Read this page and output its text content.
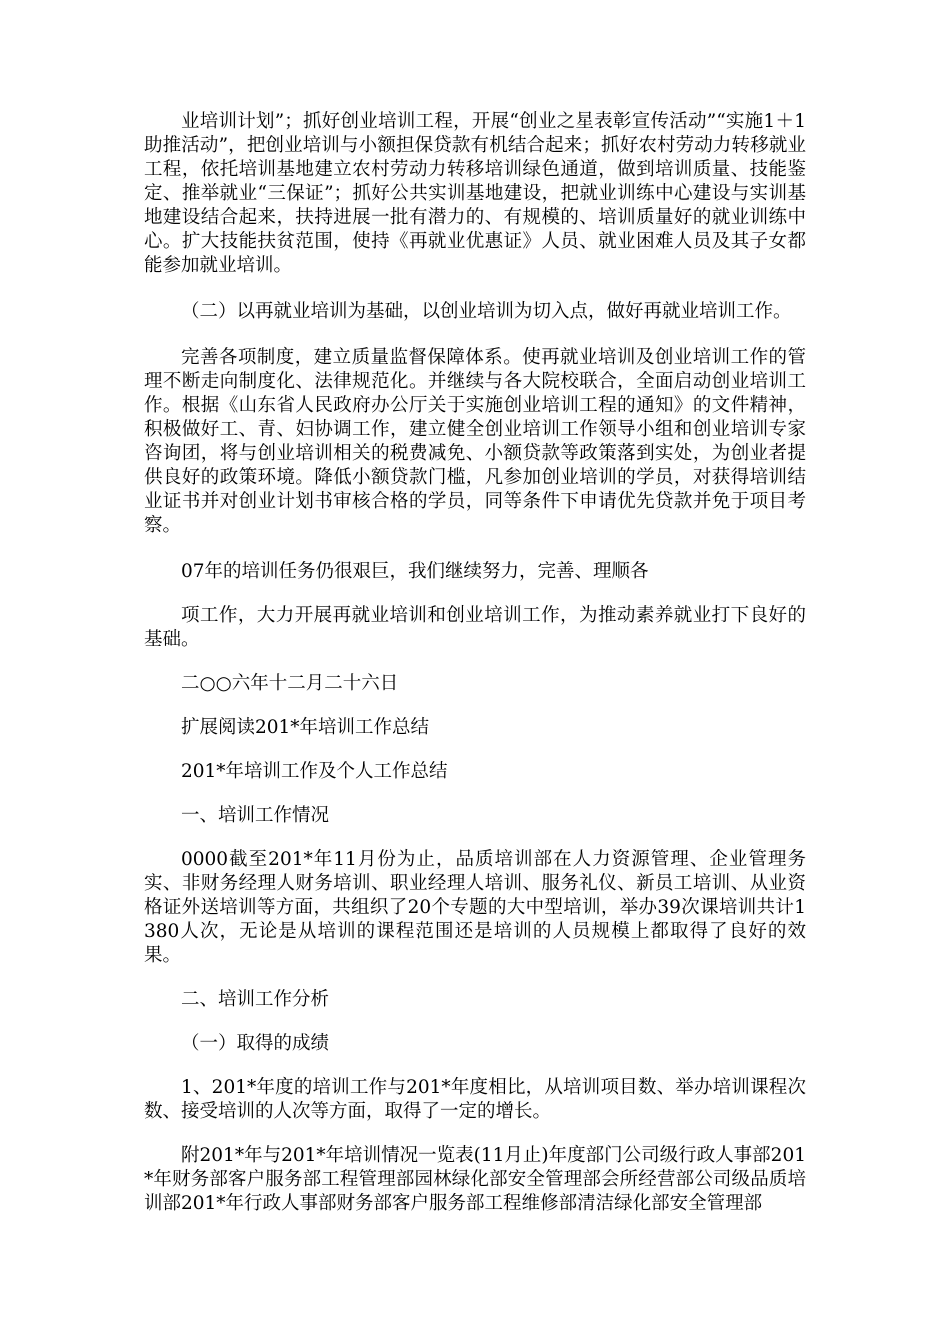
业培训计划”；抓好创业培训工程，开展“创业之星表彰宣传活动”“实施1＋1助推活动”，把创业培训与小额担保贷款有机结合起来；抓好农村劳动力转移就业工程，依托培训基地建立农村劳动力转移培训绿色通道，做到培训质量、技能鉴定、推举就业“三保证”；抓好公共实训基地建设，把就业训练中心建设与实训基地建设结合起来，扶持进展一批有潜力的、有规模的、培训质量好的就业训练中心。扩大技能扶贫范围，使持《再就业优惠证》人员、就业困难人员及其子女都能参加就业培训。

（二）以再就业培训为基础，以创业培训为切入点，做好再就业培训工作。

完善各项制度，建立质量监督保障体系。使再就业培训及创业培训工作的管理不断走向制度化、法律规范化。并继续与各大院校联合，全面启动创业培训工作。根据《山东省人民政府办公厅关于实施创业培训工程的通知》的文件精神，积极做好工、青、妇协调工作，建立健全创业培训工作领导小组和创业培训专家咨询团，将与创业培训相关的税费减免、小额贷款等政策落到实处，为创业者提供良好的政策环境。降低小额贷款门槛，凡参加创业培训的学员，对获得培训结业证书并对创业计划书审核合格的学员，同等条件下申请优先贷款并免于项目考察。

07年的培训任务仍很艰巨，我们继续努力，完善、理顺各

项工作，大力开展再就业培训和创业培训工作，为推动素养就业打下良好的基础。

二○○六年十二月二十六日

扩展阅读201*年培训工作总结

201*年培训工作及个人工作总结

一、培训工作情况

0000截至201*年11月份为止，品质培训部在人力资源管理、企业管理务实、非财务经理人财务培训、职业经理人培训、服务礼仪、新员工培训、从业资格证外送培训等方面，共组织了20个专题的大中型培训，举办39次课培训共计1380人次，无论是从培训的课程范围还是培训的人员规模上都取得了良好的效果。

二、培训工作分析

（一）取得的成绩

1、201*年度的培训工作与201*年度相比，从培训项目数、举办培训课程次数、接受培训的人次等方面，取得了一定的增长。

附201*年与201*年培训情况一览表(11月止)年度部门公司级行政人事部201*年财务部客户服务部工程管理部园林绿化部安全管理部会所经营部公司级品质培训部201*年行政人事部财务部客户服务部工程维修部清洁绿化部安全管理部
